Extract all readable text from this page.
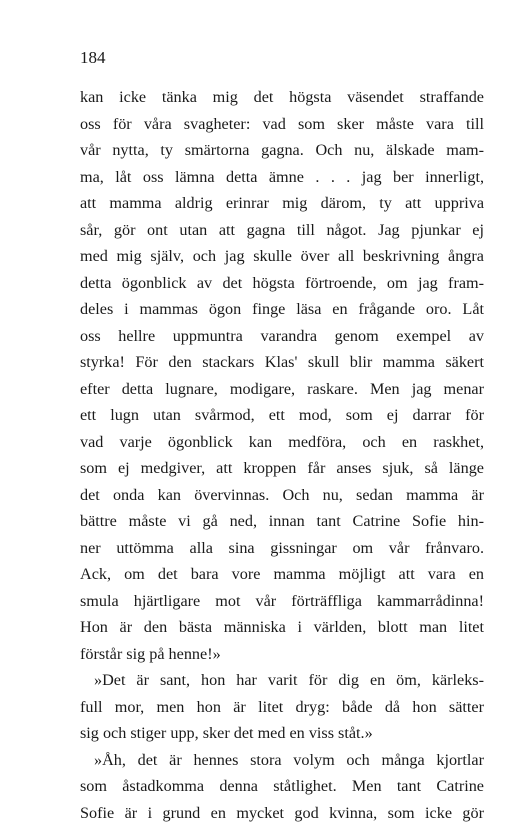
184
kan icke tänka mig det högsta väsendet straffande
oss för våra svagheter: vad som sker måste vara till
vår nytta, ty smärtorna gagna. Och nu, älskade mam-
ma, låt oss lämna detta ämne . . . jag ber innerligt,
att mamma aldrig erinrar mig därom, ty att uppriva
sår, gör ont utan att gagna till något. Jag pjunkar ej
med mig själv, och jag skulle över all beskrivning ångra
detta ögonblick av det högsta förtroende, om jag fram-
deles i mammas ögon finge läsa en frågande oro. Låt
oss hellre uppmuntra varandra genom exempel av
styrka! För den stackars Klas' skull blir mamma säkert
efter detta lugnare, modigare, raskare. Men jag menar
ett lugn utan svårmod, ett mod, som ej darrar för
vad varje ögonblick kan medföra, och en raskhet,
som ej medgiver, att kroppen får anses sjuk, så länge
det onda kan övervinnas. Och nu, sedan mamma är
bättre måste vi gå ned, innan tant Catrine Sofie hin-
ner uttömma alla sina gissningar om vår frånvaro.
Ack, om det bara vore mamma möjligt att vara en
smula hjärtligare mot vår förträffliga kammarrådinna!
Hon är den bästa människa i världen, blott man litet
förstår sig på henne!»
»Det är sant, hon har varit för dig en öm, kärleks-
full mor, men hon är litet dryg: både då hon sätter
sig och stiger upp, sker det med en viss ståt.»
»Åh, det är hennes stora volym och många kjortlar
som åstadkomma denna ståtlighet. Men tant Catrine
Sofie är i grund en mycket god kvinna, som icke gör
